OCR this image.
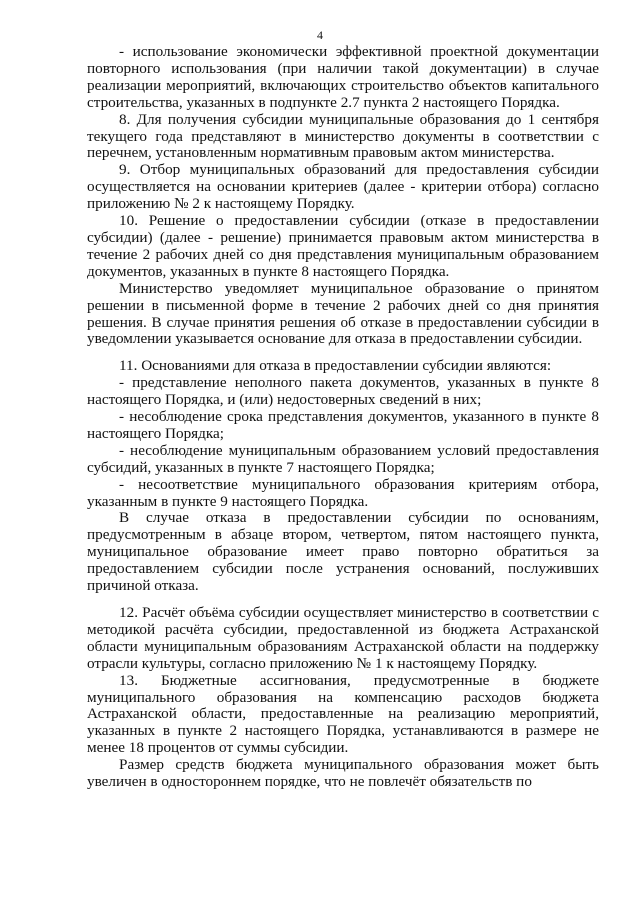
4

- использование экономически эффективной проектной документации повторного использования (при наличии такой документации) в случае реализации мероприятий, включающих строительство объектов капитального строительства, указанных в подпункте 2.7 пункта 2 настоящего Порядка.

8. Для получения субсидии муниципальные образования до 1 сентября текущего года представляют в министерство документы в соответствии с перечнем, установленным нормативным правовым актом министерства.

9. Отбор муниципальных образований для предоставления субсидии осуществляется на основании критериев (далее - критерии отбора) согласно приложению № 2 к настоящему Порядку.

10. Решение о предоставлении субсидии (отказе в предоставлении субсидии) (далее - решение) принимается правовым актом министерства в течение 2 рабочих дней со дня представления муниципальным образованием документов, указанных в пункте 8 настоящего Порядка.

Министерство уведомляет муниципальное образование о принятом решении в письменной форме в течение 2 рабочих дней со дня принятия решения. В случае принятия решения об отказе в предоставлении субсидии в уведомлении указывается основание для отказа в предоставлении субсидии.

11. Основаниями для отказа в предоставлении субсидии являются:

- представление неполного пакета документов, указанных в пункте 8 настоящего Порядка, и (или) недостоверных сведений в них;

- несоблюдение срока представления документов, указанного в пункте 8 настоящего Порядка;

- несоблюдение муниципальным образованием условий предоставления субсидий, указанных в пункте 7 настоящего Порядка;

- несоответствие муниципального образования критериям отбора, указанным в пункте 9 настоящего Порядка.

В случае отказа в предоставлении субсидии по основаниям, предусмотренным в абзаце втором, четвертом, пятом настоящего пункта, муниципальное образование имеет право повторно обратиться за предоставлением субсидии после устранения оснований, послуживших причиной отказа.

12. Расчёт объёма субсидии осуществляет министерство в соответствии с методикой расчёта субсидии, предоставленной из бюджета Астраханской области муниципальным образованиям Астраханской области на поддержку отрасли культуры, согласно приложению № 1 к настоящему Порядку.

13. Бюджетные ассигнования, предусмотренные в бюджете муниципального образования на компенсацию расходов бюджета Астраханской области, предоставленные на реализацию мероприятий, указанных в пункте 2 настоящего Порядка, устанавливаются в размере не менее 18 процентов от суммы субсидии.

Размер средств бюджета муниципального образования может быть увеличен в одностороннем порядке, что не повлечёт обязательств по
